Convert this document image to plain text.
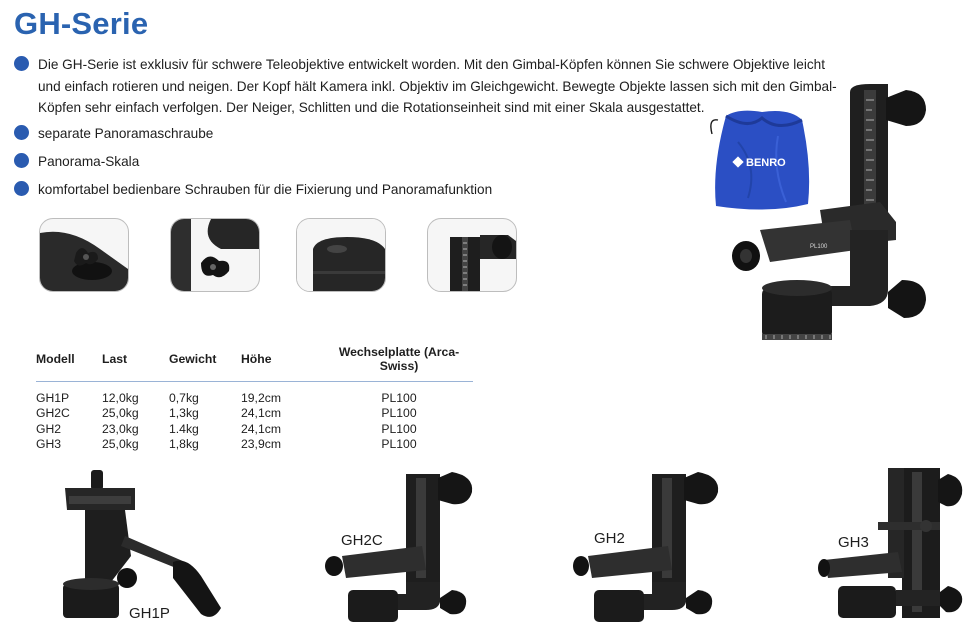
GH-Serie
Die GH-Serie ist exklusiv für schwere Teleobjektive entwickelt worden. Mit den Gimbal-Köpfen können Sie schwere Objektive leicht und einfach rotieren und neigen. Der Kopf hält Kamera inkl. Objektiv im Gleichgewicht. Bewegte Objekte lassen sich mit den Gimbal-Köpfen sehr einfach verfolgen. Der Neiger, Schlitten und die Rotationseinheit sind mit einer Skala ausgestattet.
separate Panoramaschraube
Panorama-Skala
komfortabel bedienbare Schrauben für die Fixierung und Panoramafunktion
PL100
BENRO
Modell	Last	Gewicht	Höhe	Wechselplatte (Arca- Swiss)
GH1P	12,0kg	0,7kg	19,2cm	PL100
GH2C	25,0kg	1,3kg	24,1cm	PL100
GH2	23,0kg	1.4kg	24,1cm	PL100
GH3	25,0kg	1,8kg	23,9cm	PL100
GH1P
GH2C	GH2	GH3
